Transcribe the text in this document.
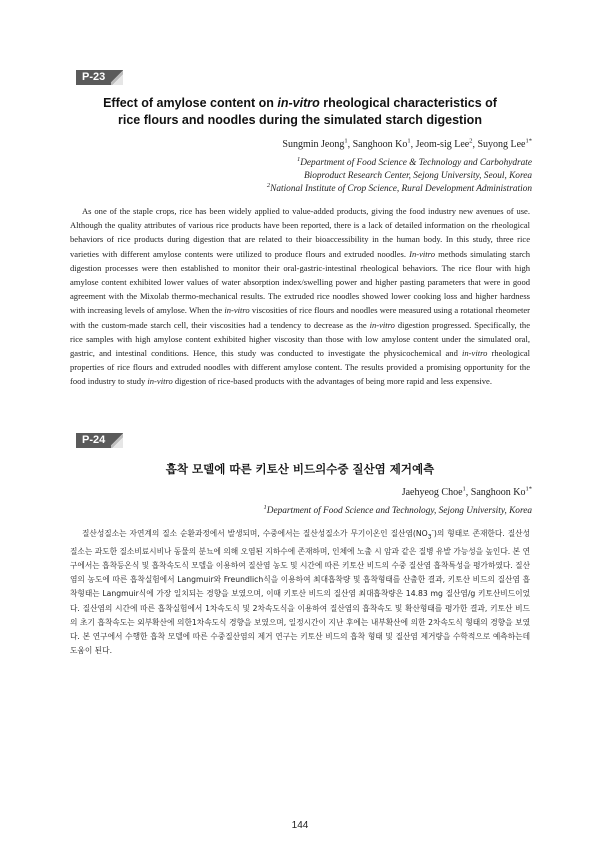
P-23
Effect of amylose content on in-vitro rheological characteristics of
rice flours and noodles during the simulated starch digestion
Sungmin Jeong$^1$, Sanghoon Ko$^1$, Jeom-sig Lee$^2$, Suyong Lee$^{1*}$
$^1$Department of Food Science & Technology and Carbohydrate
Bioproduct Research Center, Sejong University, Seoul, Korea
$^2$National Institute of Crop Science, Rural Development Administration

As one of the staple crops, rice has been widely applied to value-added products, giving the food industry new avenues of use. Although the quality attributes of various rice products have been reported, there is a lack of detailed information on the rheological behaviors of rice products during digestion that are related to their bioaccessibility in the human body. In this study, three rice varieties with different amylose contents were utilized to produce flours and extruded noodles. In-vitro methods simulating starch digestion processes were then established to monitor their oral-gastric-intestinal rheological behaviors. The rice flour with high amylose content exhibited lower values of water absorption index/swelling power and higher pasting parameters that were in good agreement with the Mixolab thermo-mechanical results. The extruded rice noodles showed lower cooking loss and higher hardness with increasing levels of amylose. When the in-vitro viscosities of rice flours and noodles were measured using a rotational rheometer with the custom-made starch cell, their viscosities had a tendency to decrease as the in-vitro digestion progressed. Specifically, the rice samples with high amylose content exhibited higher viscosity than those with low amylose content under the simulated oral, gastric, and intestinal conditions. Hence, this study was conducted to investigate the physicochemical and in-vitro rheological properties of rice flours and extruded noodles with different amylose content. The results provided a promising opportunity for the food industry to study in-vitro digestion of rice-based products with the advantages of being more rapid and less expensive.

P-24
흡착 모델에 따른 키토산 비드의수중 질산염 제거예측
Jaehyeog Choe$^1$, Sanghoon $Ko^{1*}$
$^1$Department of Food Science and Technology, Sejong University, Korea

질산성질소는 자연계의 질소 순환과정에서 발생되며, 수중에서는 질산성질소가 무기이온인 질산염$(NO_3^-)$의 형태로 존재한다. 질산성질소는 과도한 질소비료시비나 동물의 분뇨에 의해 오염된 지하수에 존재하며, 인체에 노출 시 암과 같은 질병 유발 가능성을 높인다. 본 연구에서는 흡착등온식 및 흡착속도식 모델을 이용하여 질산염 농도 및 시간에 따른 키토산 비드의 수중 질산염 흡착특성을 평가하였다. 질산염의 농도에 따른 흡착실험에서 Langmuir와 Freundlich식을 이용하여 최대흡착량 및 흡착형태를 산출한 결과, 키토산 비드의 질산염 흡착형태는 Langmuir식에 가장 일치되는 경향을 보였으며, 이때 키토산 비드의 질산염 최대흡착량은 14.83 mg 질산염/g 키토산비드이었다. 질산염의 시간에 따른 흡착실험에서 1차속도식 및 2차속도식을 이용하여 질산염의 흡착속도 및 확산형태를 평가한 결과, 키토산 비드의 초기 흡착속도는 외부확산에 의한1차속도식 경향을 보였으며, 일정시간이 지난 후에는 내부확산에 의한 2차속도식 형태의 경향을 보였다. 본 연구에서 수행한 흡착 모델에 따른 수중질산염의 제거 연구는 키토산 비드의 흡착 형태 및 질산염 제거량을 수학적으로 예측하는데 도움이 된다.

144
